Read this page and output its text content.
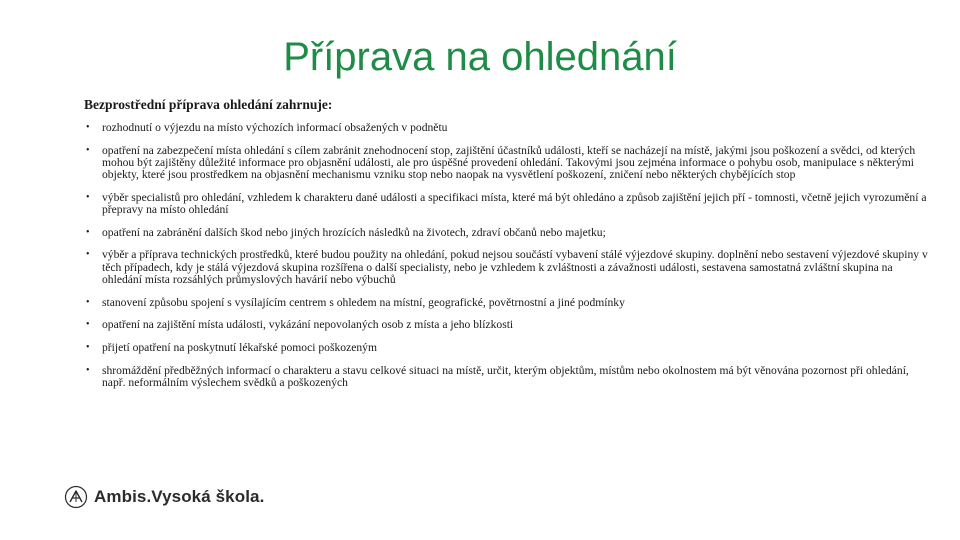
Příprava na ohlednání

Bezprostřední příprava ohledání zahrnuje:

• rozhodnutí o výjezdu na místo výchozích informací obsažených v podnětu
• opatření na zabezpečení místa ohledání s cílem zabránit znehodnocení stop, zajištění účastníků události, kteří se nacházejí na místě, jakými jsou poškození a svědci, od kterých mohou být zajištěny důležité informace pro objasnění události, ale pro úspěšné provedení ohledání. Takovými jsou zejména informace o pohybu osob, manipulace s některými objekty, které jsou prostředkem na objasnění mechanismu vzniku stop nebo naopak na vysvětlení poškození, zničení nebo některých chybějících stop
• výběr specialistů pro ohledání, vzhledem k charakteru dané události a specifikaci místa, které má být ohledáno a způsob zajištění jejich pří - tomnosti, včetně jejich vyrozumění a přepravy na místo ohledání
• opatření na zabránění dalších škod nebo jiných hrozících následků na životech, zdraví občanů nebo majetku;
• výběr a příprava technických prostředků, které budou použity na ohledání, pokud nejsou součástí vybavení stálé výjezdové skupiny. doplnění nebo sestavení výjezdové skupiny v těch případech, kdy je stálá výjezdová skupina rozšířena o další specialisty, nebo je vzhledem k zvláštnosti a závažnosti události, sestavena samostatná zvláštní skupina na ohledání místa rozsáhlých průmyslových havárií nebo výbuchů
• stanovení způsobu spojení s vysílajícím centrem s ohledem na místní, geografické, povětrnostní a jiné podmínky
• opatření na zajištění místa události, vykázání nepovolaných osob z místa a jeho blízkosti
• přijetí opatření na poskytnutí lékařské pomoci poškozeným
• shromáždění předběžných informací o charakteru a stavu celkové situaci na místě, určit, kterým objektům, místům nebo okolnostem má být věnována pozornost při ohledání, např. neformálním výslechem svědků a poškozených
Ambis.Vysoká škola.
